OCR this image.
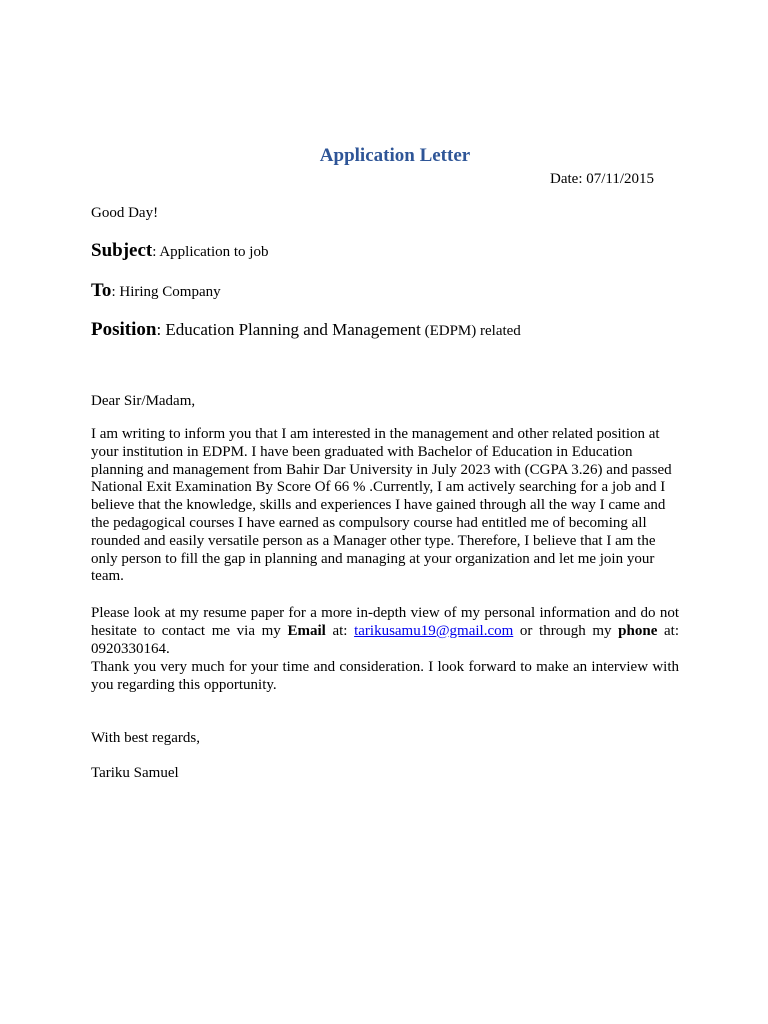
Application Letter
Date: 07/11/2015
Good Day!
Subject: Application to job
To: Hiring Company
Position: Education Planning and Management (EDPM) related
Dear Sir/Madam,
I am writing to inform you that I am interested in the management and other related position at
your institution in EDPM. I have been graduated with Bachelor of Education in Education
planning and management from Bahir Dar University in July 2023 with (CGPA 3.26) and passed
National Exit Examination By Score Of 66 % .Currently, I am actively searching for a job and I
believe that the knowledge, skills and experiences I have gained through all the way I came and
the pedagogical courses I have earned as compulsory course had entitled me of becoming all
rounded and easily versatile person as a Manager other type. Therefore, I believe that I am the
only person to fill the gap in planning and managing at your organization and let me join your
team.
Please look at my resume paper for a more in-depth view of my personal information and do not hesitate to contact me via my Email at: tarikusamu19@gmail.com or through my phone at: 0920330164.
Thank you very much for your time and consideration. I look forward to make an interview with you regarding this opportunity.
With best regards,
Tariku Samuel
